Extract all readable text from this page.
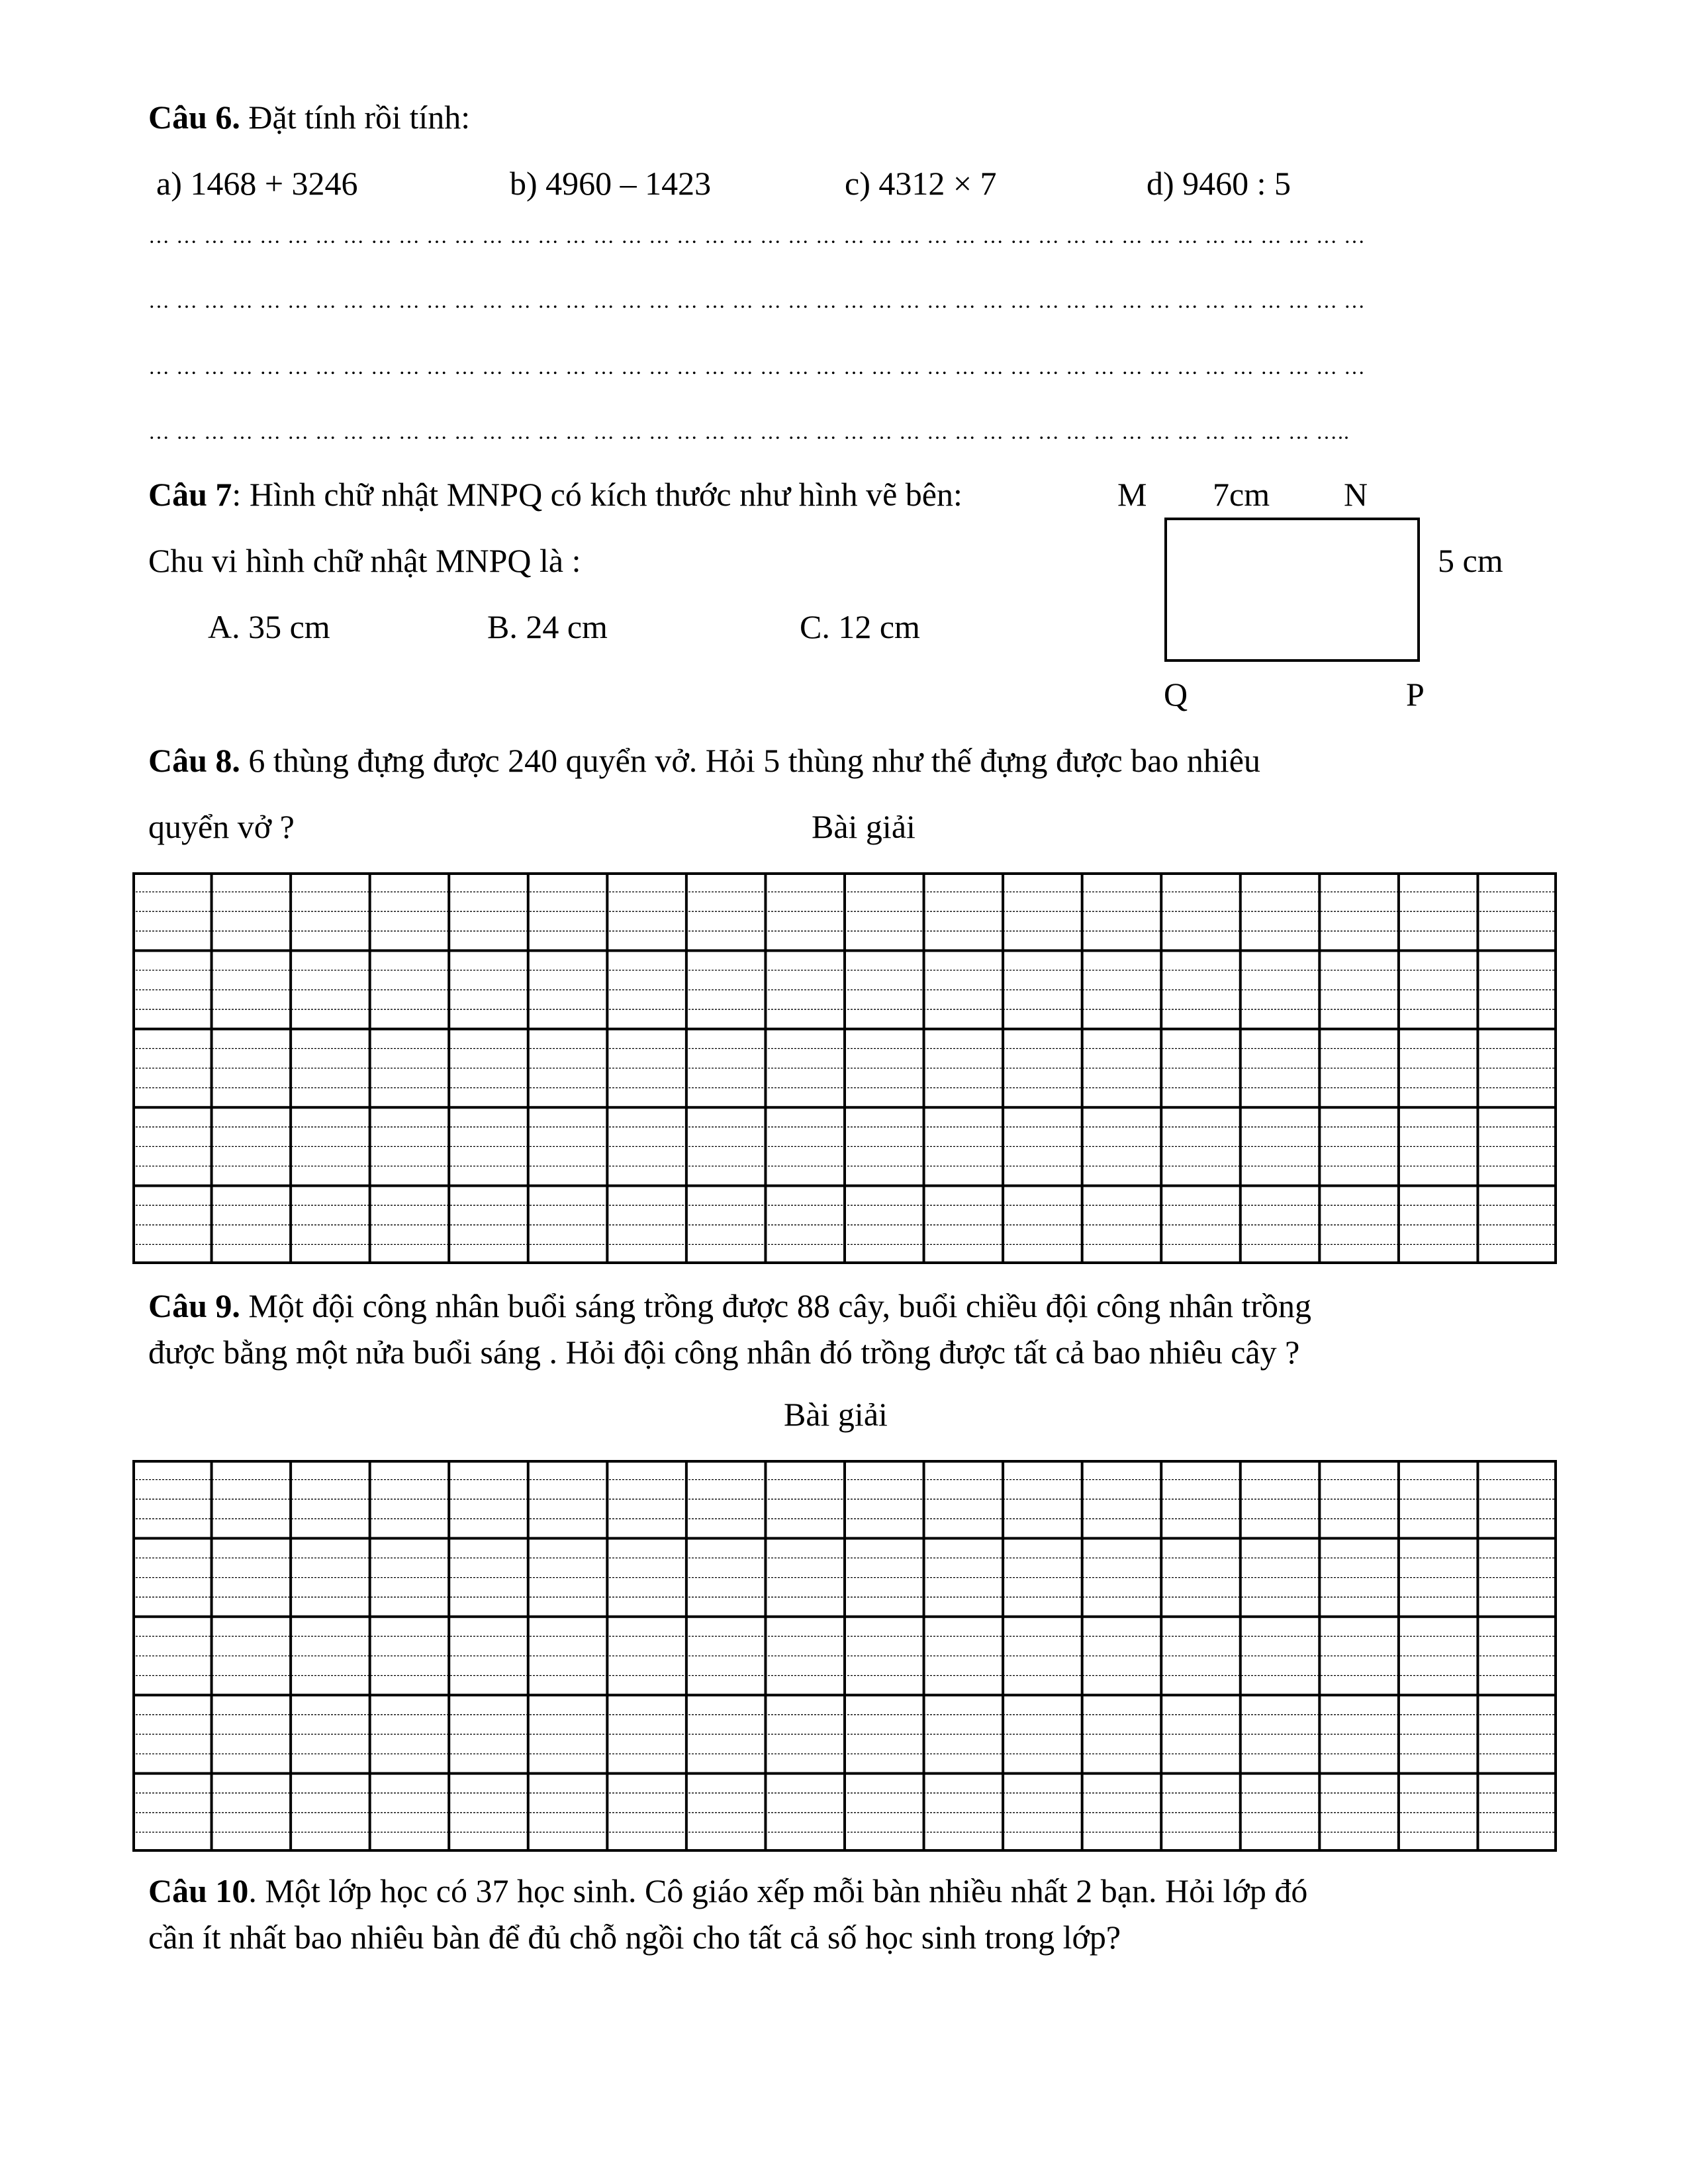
Câu 6. Đặt tính rồi tính:
a) 1468 + 3246	b) 4960 – 1423	c) 4312 × 7	d) 9460 : 5
… … … … … … … … … … … … … … … … … … … … … … … … … … … … … … … … … … … … … … … … … … … …
… … … … … … … … … … … … … … … … … … … … … … … … … … … … … … … … … … … … … … … … … … … …
… … … … … … … … … … … … … … … … … … … … … … … … … … … … … … … … … … … … … … … … … … … …
… … … … … … … … … … … … … … … … … … … … … … … … … … … … … … … … … … … … … … … … … … …..
Câu 7: Hình chữ nhật MNPQ có kích thước như hình vẽ bên:
Chu vi hình chữ nhật MNPQ là :
A. 35 cm	B. 24 cm	C. 12 cm
M 7cm N
5 cm
Q	P
Câu 8. 6 thùng đựng được 240 quyển vở. Hỏi 5 thùng như thế đựng được bao nhiêu
quyển vở ?	Bài giải
Câu 9. Một đội công nhân buổi sáng trồng được 88 cây, buổi chiều đội công nhân trồng
được bằng một nửa buổi sáng . Hỏi đội công nhân đó trồng được tất cả bao nhiêu cây ?
Bài giải
Câu 10. Một lớp học có 37 học sinh. Cô giáo xếp mỗi bàn nhiều nhất 2 bạn. Hỏi lớp đó
cần ít nhất bao nhiêu bàn để đủ chỗ ngồi cho tất cả số học sinh trong lớp?
